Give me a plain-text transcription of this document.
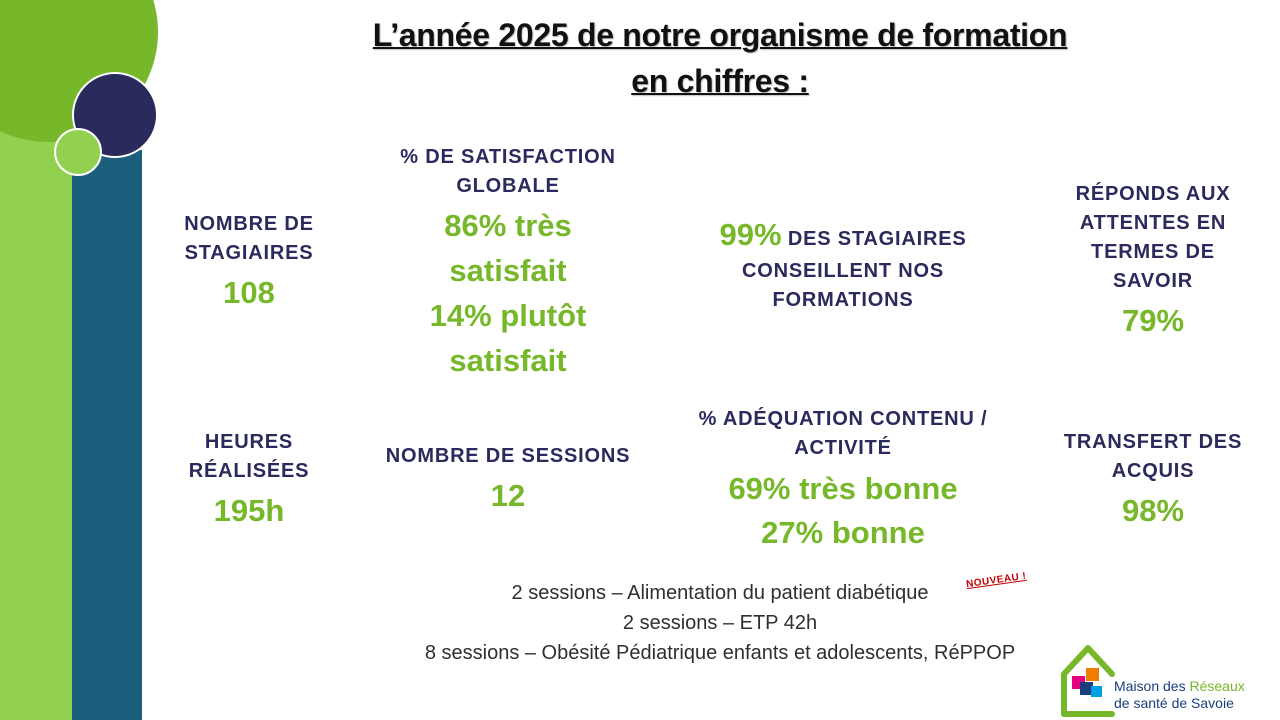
L’année 2025 de notre organisme de formation
en chiffres :
NOMBRE DE
STAGIAIRES
108
% DE SATISFACTION
GLOBALE
86% très
satisfait
14% plutôt
satisfait
99% DES STAGIAIRES
CONSEILLENT NOS
FORMATIONS
RÉPONDS AUX
ATTENTES EN
TERMES DE
SAVOIR
79%
HEURES
RÉALISÉES
195h
NOMBRE DE SESSIONS
12
% ADÉQUATION CONTENU /
ACTIVITÉ
69% très bonne
27% bonne
TRANSFERT DES
ACQUIS
98%
2 sessions – Alimentation du patient diabétique
2 sessions – ETP 42h
8 sessions – Obésité Pédiatrique enfants et adolescents, RéPPOP
NOUVEAU !
Maison des Réseaux
de santé de Savoie
